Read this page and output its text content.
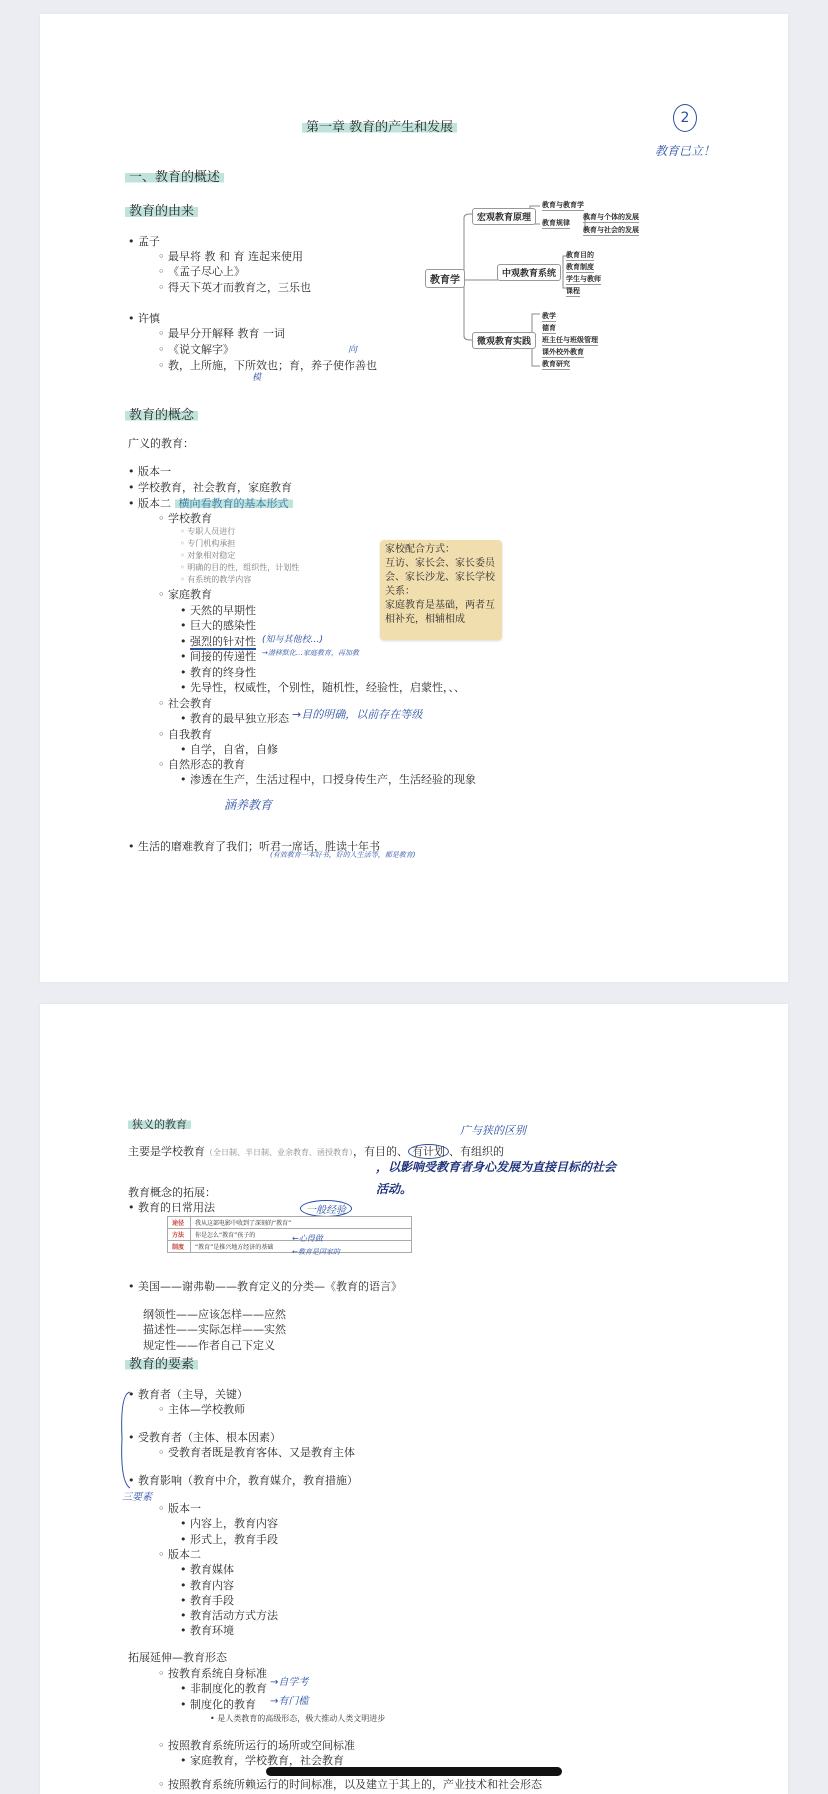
第一章 教育的产生和发展
2
教育已立！
一、教育的概述
教育的由来
• 孟子
◦ 最早将 教 和 育 连起来使用
◦ 《孟子尽心上》
◦ 得天下英才而教育之，三乐也
• 许慎
◦ 最早分开解释 教育 一词
◦ 《说文解字》
◦ 教，上所施，下所效也；育，养子使作善也
模
向
教育学
宏观教育原理
中观教育系统
微观教育实践
教育与教育学
教育规律
教育与个体的发展
教育与社会的发展
教育目的
教育制度
学生与教师
课程
教学
德育
班主任与班级管理
课外校外教育
教育研究
教育的概念
广义的教育：
• 版本一
• 学校教育，社会教育，家庭教育
• 版本二 横向看教育的基本形式
◦ 学校教育
◦ 专职人员进行
◦ 专门机构承担
◦ 对象相对稳定
◦ 明确的目的性，组织性，计划性
◦ 有系统的教学内容
◦ 家庭教育
• 天然的早期性
• 巨大的感染性
• 强烈的针对性
• 间接的传递性
• 教育的终身性
• 先导性，权威性，个别性，随机性，经验性，启蒙性，、、
(知与其他校…)
→潜移默化…家庭教育，再加教
◦ 社会教育
• 教育的最早独立形态 →目的明确，以前存在等级
◦ 自我教育
• 自学，自省，自修
◦ 自然形态的教育
• 渗透在生产，生活过程中，口授身传生产，生活经验的现象
涵养教育
• 生活的磨难教育了我们；听君一席话，胜读十年书
(有效教育一本好书，好的人生活等，都是教育)
家校配合方式：
互访、家长会、家长委员会、家长沙龙、家长学校
关系：
家庭教育是基础，两者互相补充，相辅相成
狭义的教育
主要是学校教育（全日制、半日制、业余教育、函授教育），有目的、 有计划 、有组织的
广与狭的区别
，以影响受教育者身心发展为直接目标的社会活动。
教育概念的拓展：
• 教育的日常用法	一般经验
途径	我从这部电影中收到了深刻的“教育”
方法	你是怎么“教育”孩子的
制度	“教育”是推兴地方经济的基础
←心得做
←教育是国家的
• 美国——谢弗勒——教育定义的分类—《教育的语言》
纲领性——应该怎样——应然
描述性——实际怎样——实然
规定性——作者自己下定义
教育的要素
• 教育者（主导，关键）
◦ 主体—学校教师
• 受教育者（主体、根本因素）
◦ 受教育者既是教育客体、又是教育主体
• 教育影响（教育中介，教育媒介，教育措施）
三要素
◦ 版本一
• 内容上，教育内容
• 形式上，教育手段
◦ 版本二
• 教育媒体
• 教育内容
• 教育手段
• 教育活动方式方法
• 教育环境
拓展延伸—教育形态
◦ 按教育系统自身标准
• 非制度化的教育
• 制度化的教育
→自学考
→有门槛
• 是人类教育的高级形态，极大推动人类文明进步
◦ 按照教育系统所运行的场所或空间标准
• 家庭教育，学校教育，社会教育
◦ 按照教育系统所赖运行的时间标准，以及建立于其上的，产业技术和社会形态
